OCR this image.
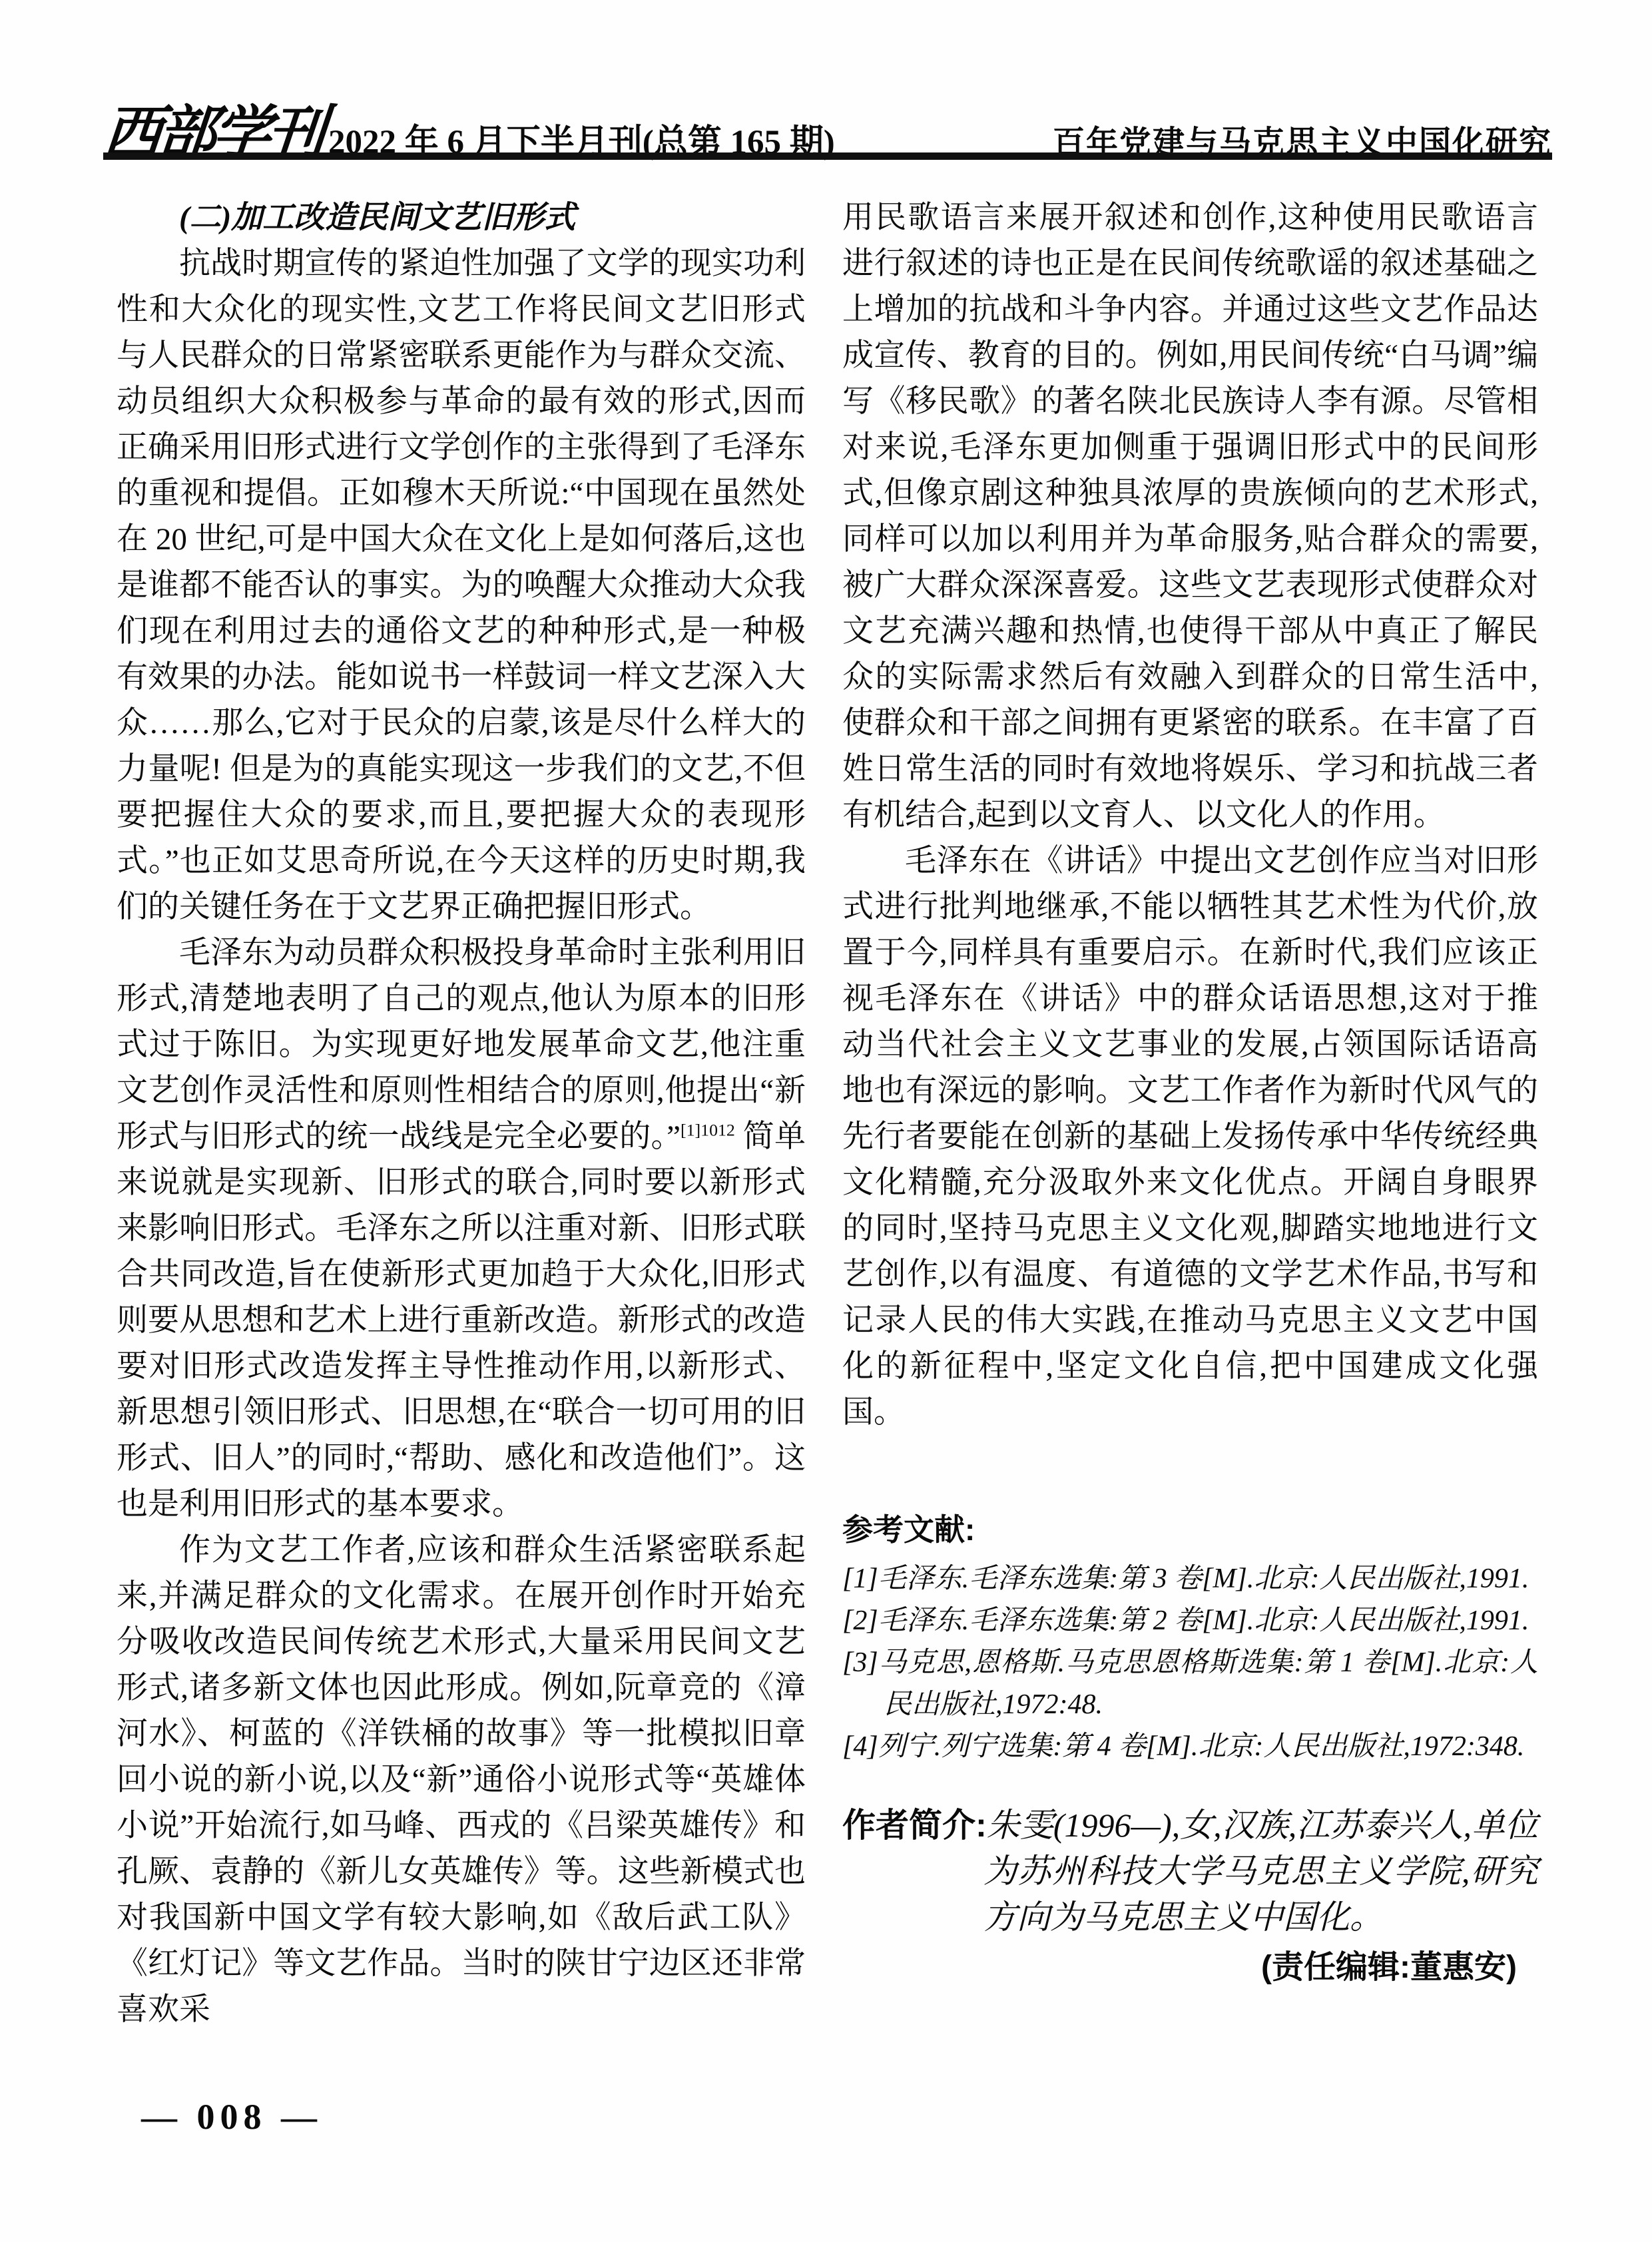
西部学刊 2022 年 6 月下半月刊(总第 165 期)	百年党建与马克思主义中国化研究
(二)加工改造民间文艺旧形式

抗战时期宣传的紧迫性加强了文学的现实功利性和大众化的现实性,文艺工作将民间文艺旧形式与人民群众的日常紧密联系更能作为与群众交流、动员组织大众积极参与革命的最有效的形式,因而正确采用旧形式进行文学创作的主张得到了毛泽东的重视和提倡。正如穆木天所说:“中国现在虽然处在 20 世纪,可是中国大众在文化上是如何落后,这也是谁都不能否认的事实。为的唤醒大众推动大众我们现在利用过去的通俗文艺的种种形式,是一种极有效果的办法。能如说书一样鼓词一样文艺深入大众……那么,它对于民众的启蒙,该是尽什么样大的力量呢! 但是为的真能实现这一步我们的文艺,不但要把握住大众的要求,而且,要把握大众的表现形式。”也正如艾思奇所说,在今天这样的历史时期,我们的关键任务在于文艺界正确把握旧形式。

毛泽东为动员群众积极投身革命时主张利用旧形式,清楚地表明了自己的观点,他认为原本的旧形式过于陈旧。为实现更好地发展革命文艺,他注重文艺创作灵活性和原则性相结合的原则,他提出“新形式与旧形式的统一战线是完全必要的。”$^{[1]1012}$ 简单来说就是实现新、旧形式的联合,同时要以新形式来影响旧形式。毛泽东之所以注重对新、旧形式联合共同改造,旨在使新形式更加趋于大众化,旧形式则要从思想和艺术上进行重新改造。新形式的改造要对旧形式改造发挥主导性推动作用,以新形式、新思想引领旧形式、旧思想,在“联合一切可用的旧形式、旧人”的同时,“帮助、感化和改造他们”。这也是利用旧形式的基本要求。

作为文艺工作者,应该和群众生活紧密联系起来,并满足群众的文化需求。在展开创作时开始充分吸收改造民间传统艺术形式,大量采用民间文艺形式,诸多新文体也因此形成。例如,阮章竞的《漳河水》、柯蓝的《洋铁桶的故事》等一批模拟旧章回小说的新小说,以及“新”通俗小说形式等“英雄体小说”开始流行,如马峰、西戎的《吕梁英雄传》和孔厥、袁静的《新儿女英雄传》等。这些新模式也对我国新中国文学有较大影响,如《敌后武工队》《红灯记》等文艺作品。当时的陕甘宁边区还非常喜欢采

用民歌语言来展开叙述和创作,这种使用民歌语言进行叙述的诗也正是在民间传统歌谣的叙述基础之上增加的抗战和斗争内容。并通过这些文艺作品达成宣传、教育的目的。例如,用民间传统“白马调”编写《移民歌》的著名陕北民族诗人李有源。尽管相对来说,毛泽东更加侧重于强调旧形式中的民间形式,但像京剧这种独具浓厚的贵族倾向的艺术形式,同样可以加以利用并为革命服务,贴合群众的需要,被广大群众深深喜爱。这些文艺表现形式使群众对文艺充满兴趣和热情,也使得干部从中真正了解民众的实际需求然后有效融入到群众的日常生活中,使群众和干部之间拥有更紧密的联系。在丰富了百姓日常生活的同时有效地将娱乐、学习和抗战三者有机结合,起到以文育人、以文化人的作用。

毛泽东在《讲话》中提出文艺创作应当对旧形式进行批判地继承,不能以牺牲其艺术性为代价,放置于今,同样具有重要启示。在新时代,我们应该正视毛泽东在《讲话》中的群众话语思想,这对于推动当代社会主义文艺事业的发展,占领国际话语高地也有深远的影响。文艺工作者作为新时代风气的先行者要能在创新的基础上发扬传承中华传统经典文化精髓,充分汲取外来文化优点。开阔自身眼界的同时,坚持马克思主义文化观,脚踏实地地进行文艺创作,以有温度、有道德的文学艺术作品,书写和记录人民的伟大实践,在推动马克思主义文艺中国化的新征程中,坚定文化自信,把中国建成文化强国。

参考文献:

[1]毛泽东.毛泽东选集:第 3 卷[M].北京:人民出版社,1991.

[2]毛泽东.毛泽东选集:第 2 卷[M].北京:人民出版社,1991.

[3]马克思,恩格斯.马克思恩格斯选集:第 1 卷[M].北京:人民出版社,1972:48.

[4]列宁.列宁选集:第 4 卷[M].北京:人民出版社,1972:348.

作者简介:朱雯(1996—),女,汉族,江苏泰兴人,单位为苏州科技大学马克思主义学院,研究方向为马克思主义中国化。

(责任编辑:董惠安)

— 008 —
